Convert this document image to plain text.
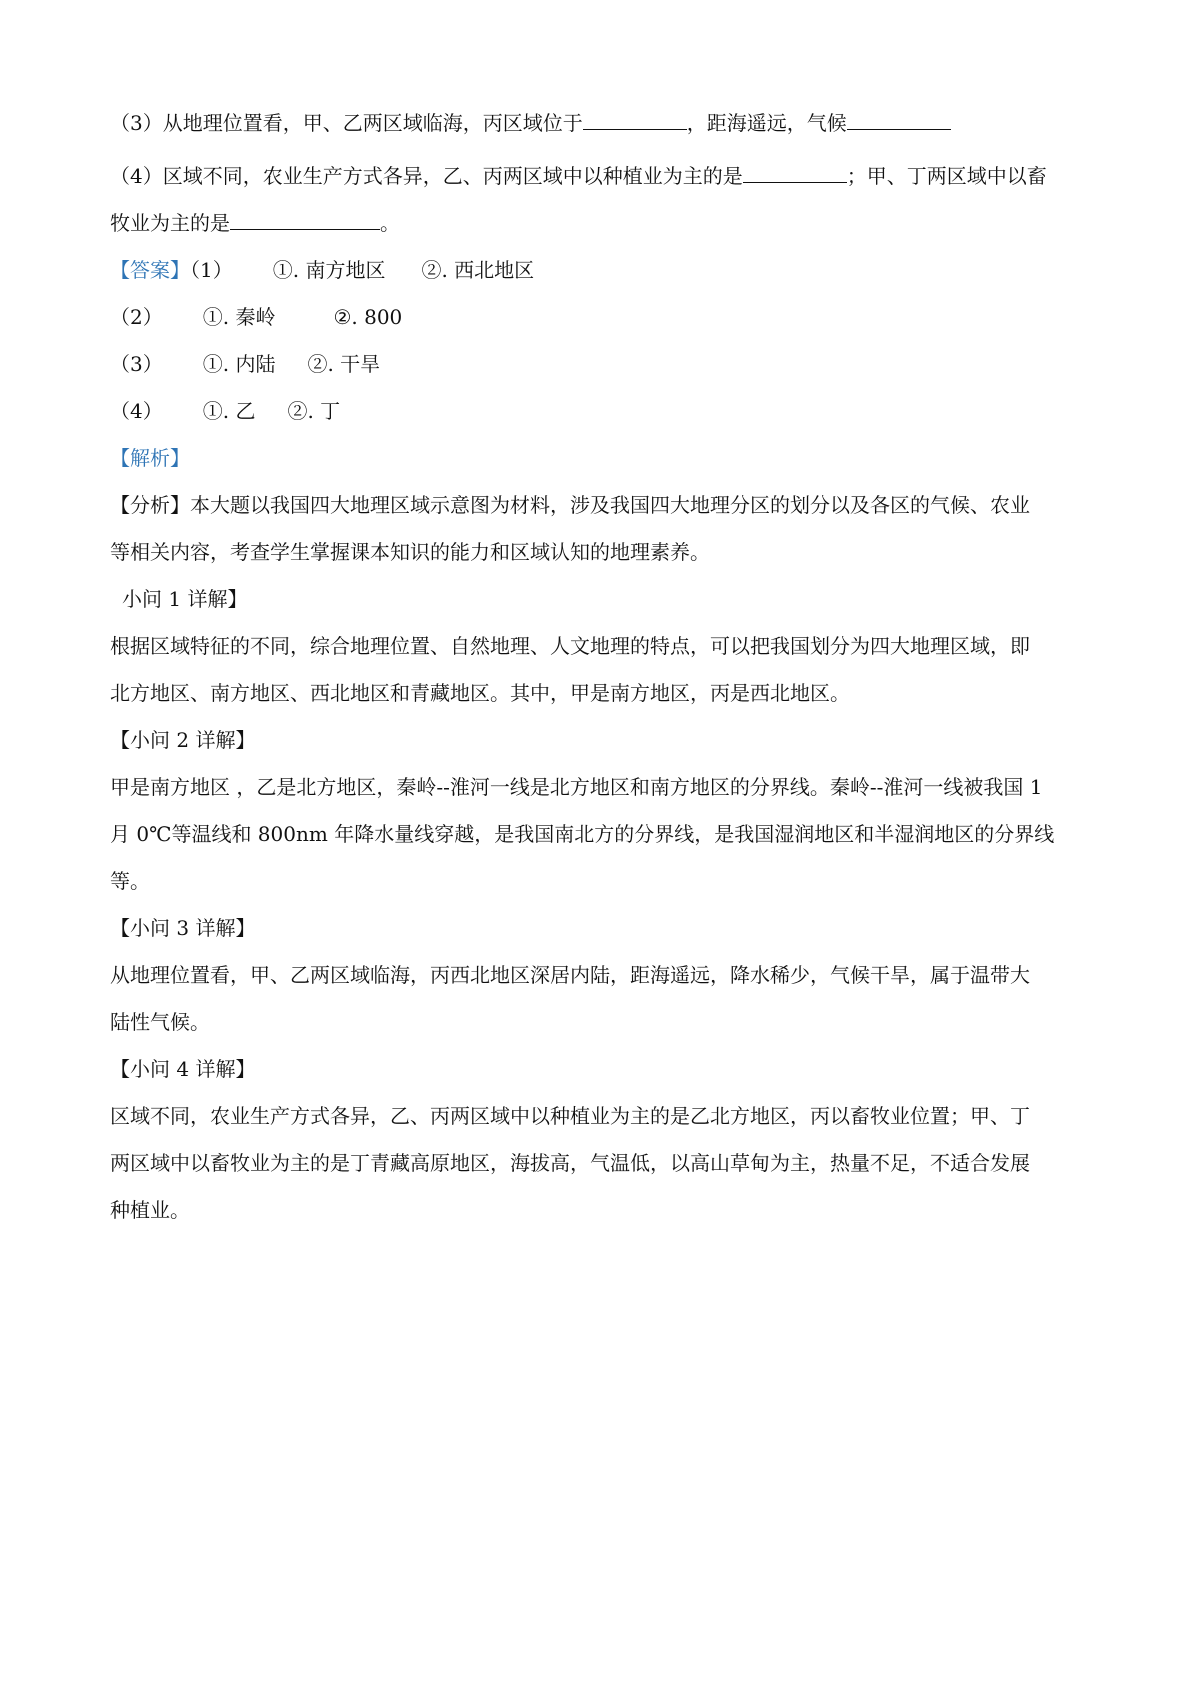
（3）从地理位置看，甲、乙两区域临海，丙区域位于	，距海遥远，气候

（4）区域不同，农业生产方式各异，乙、丙两区域中以种植业为主的是	；甲、丁两区域中以畜
牧业为主的是	。

【答案】（1） ①. 南方地区 ②. 西北地区

（2） ①. 秦岭	②. 800

（3） ①. 内陆 ②. 干旱

（4） ①. 乙 ②. 丁

【解析】

【分析】本大题以我国四大地理区域示意图为材料，涉及我国四大地理分区的划分以及各区的气候、农业
等相关内容，考查学生掌握课本知识的能力和区域认知的地理素养。

小问 1 详解】

根据区域特征的不同，综合地理位置、自然地理、人文地理的特点，可以把我国划分为四大地理区域，即
北方地区、南方地区、西北地区和青藏地区。其中，甲是南方地区，丙是西北地区。

【小问 2 详解】

甲是南方地区 ，乙是北方地区，秦岭--淮河一线是北方地区和南方地区的分界线。秦岭--淮河一线被我国 1
月 0℃等温线和 800nm 年降水量线穿越，是我国南北方的分界线，是我国湿润地区和半湿润地区的分界线
等。

【小问 3 详解】

从地理位置看，甲、乙两区域临海，丙西北地区深居内陆，距海遥远，降水稀少，气候干旱，属于温带大
陆性气候。

【小问 4 详解】

区域不同，农业生产方式各异，乙、丙两区域中以种植业为主的是乙北方地区，丙以畜牧业位置；甲、丁
两区域中以畜牧业为主的是丁青藏高原地区，海拔高，气温低，以高山草甸为主，热量不足，不适合发展
种植业。
